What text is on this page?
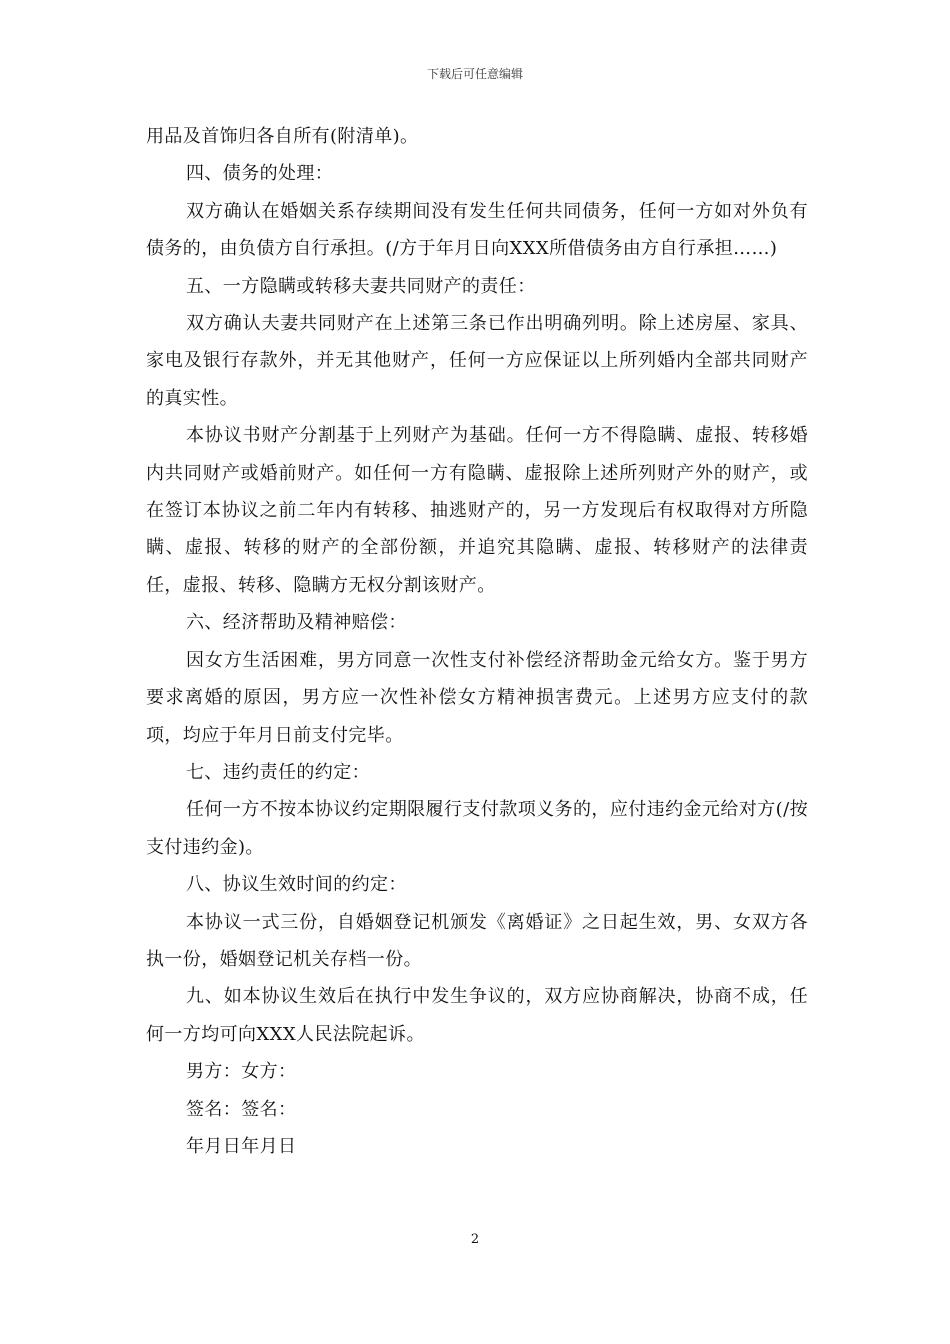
下载后可任意编辑

用品及首饰归各自所有(附清单)。

四、债务的处理：

双方确认在婚姻关系存续期间没有发生任何共同债务，任何一方如对外负有债务的，由负债方自行承担。(/方于年月日向XXX所借债务由方自行承担……)

五、一方隐瞒或转移夫妻共同财产的责任：

双方确认夫妻共同财产在上述第三条已作出明确列明。除上述房屋、家具、家电及银行存款外，并无其他财产，任何一方应保证以上所列婚内全部共同财产的真实性。

本协议书财产分割基于上列财产为基础。任何一方不得隐瞒、虚报、转移婚内共同财产或婚前财产。如任何一方有隐瞒、虚报除上述所列财产外的财产，或在签订本协议之前二年内有转移、抽逃财产的，另一方发现后有权取得对方所隐瞒、虚报、转移的财产的全部份额，并追究其隐瞒、虚报、转移财产的法律责任，虚报、转移、隐瞒方无权分割该财产。

六、经济帮助及精神赔偿：

因女方生活困难，男方同意一次性支付补偿经济帮助金元给女方。鉴于男方要求离婚的原因，男方应一次性补偿女方精神损害费元。上述男方应支付的款项，均应于年月日前支付完毕。

七、违约责任的约定：

任何一方不按本协议约定期限履行支付款项义务的，应付违约金元给对方(/按支付违约金)。

八、协议生效时间的约定：

本协议一式三份，自婚姻登记机颁发《离婚证》之日起生效，男、女双方各执一份，婚姻登记机关存档一份。

九、如本协议生效后在执行中发生争议的，双方应协商解决，协商不成，任何一方均可向XXX人民法院起诉。

男方：女方：

签名：签名：

年月日年月日

2
